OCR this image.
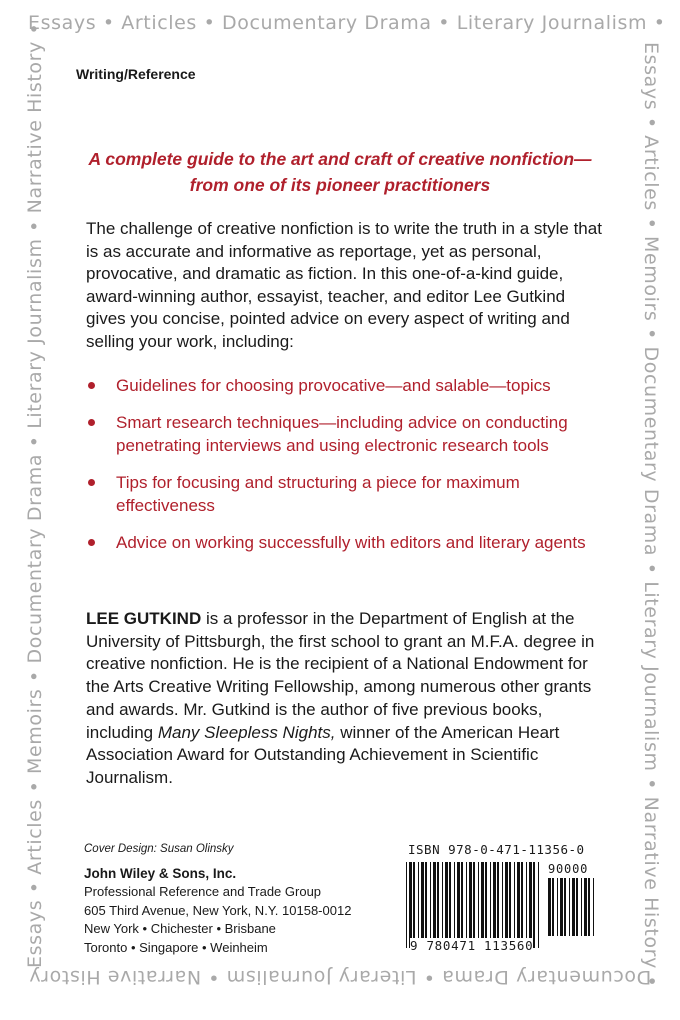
Essays • Articles • Documentary Drama • Literary Journalism •
Essays • Articles • Memoirs • Documentary Drama • Literary Journalism • Narrative History •
Documentary Drama • Literary Journalism • Narrative History
Essays • Articles • Memoirs • Documentary Drama • Literary Journalism • Narrative History • Writing/Reference
A complete guide to the art and craft of creative nonfiction—from one of its pioneer practitioners

The challenge of creative nonfiction is to write the truth in a style that is as accurate and informative as reportage, yet as personal, provocative, and dramatic as fiction. In this one-of-a-kind guide, award-winning author, essayist, teacher, and editor Lee Gutkind gives you concise, pointed advice on every aspect of writing and selling your work, including:

Guidelines for choosing provocative—and salable—topics
Smart research techniques—including advice on conducting penetrating interviews and using electronic research tools
Tips for focusing and structuring a piece for maximum effectiveness
Advice on working successfully with editors and literary agents

LEE GUTKIND is a professor in the Department of English at the University of Pittsburgh, the first school to grant an M.F.A. degree in creative nonfiction. He is the recipient of a National Endowment for the Arts Creative Writing Fellowship, among numerous other grants and awards. Mr. Gutkind is the author of five previous books, including Many Sleepless Nights, winner of the American Heart Association Award for Outstanding Achievement in Scientific Journalism.

Cover Design: Susan Olinsky
John Wiley & Sons, Inc.
Professional Reference and Trade Group
605 Third Avenue, New York, N.Y. 10158-0012
New York • Chichester • Brisbane
Toronto • Singapore • Weinheim
ISBN 978-0-471-11356-0
90000
9 780471 113560
